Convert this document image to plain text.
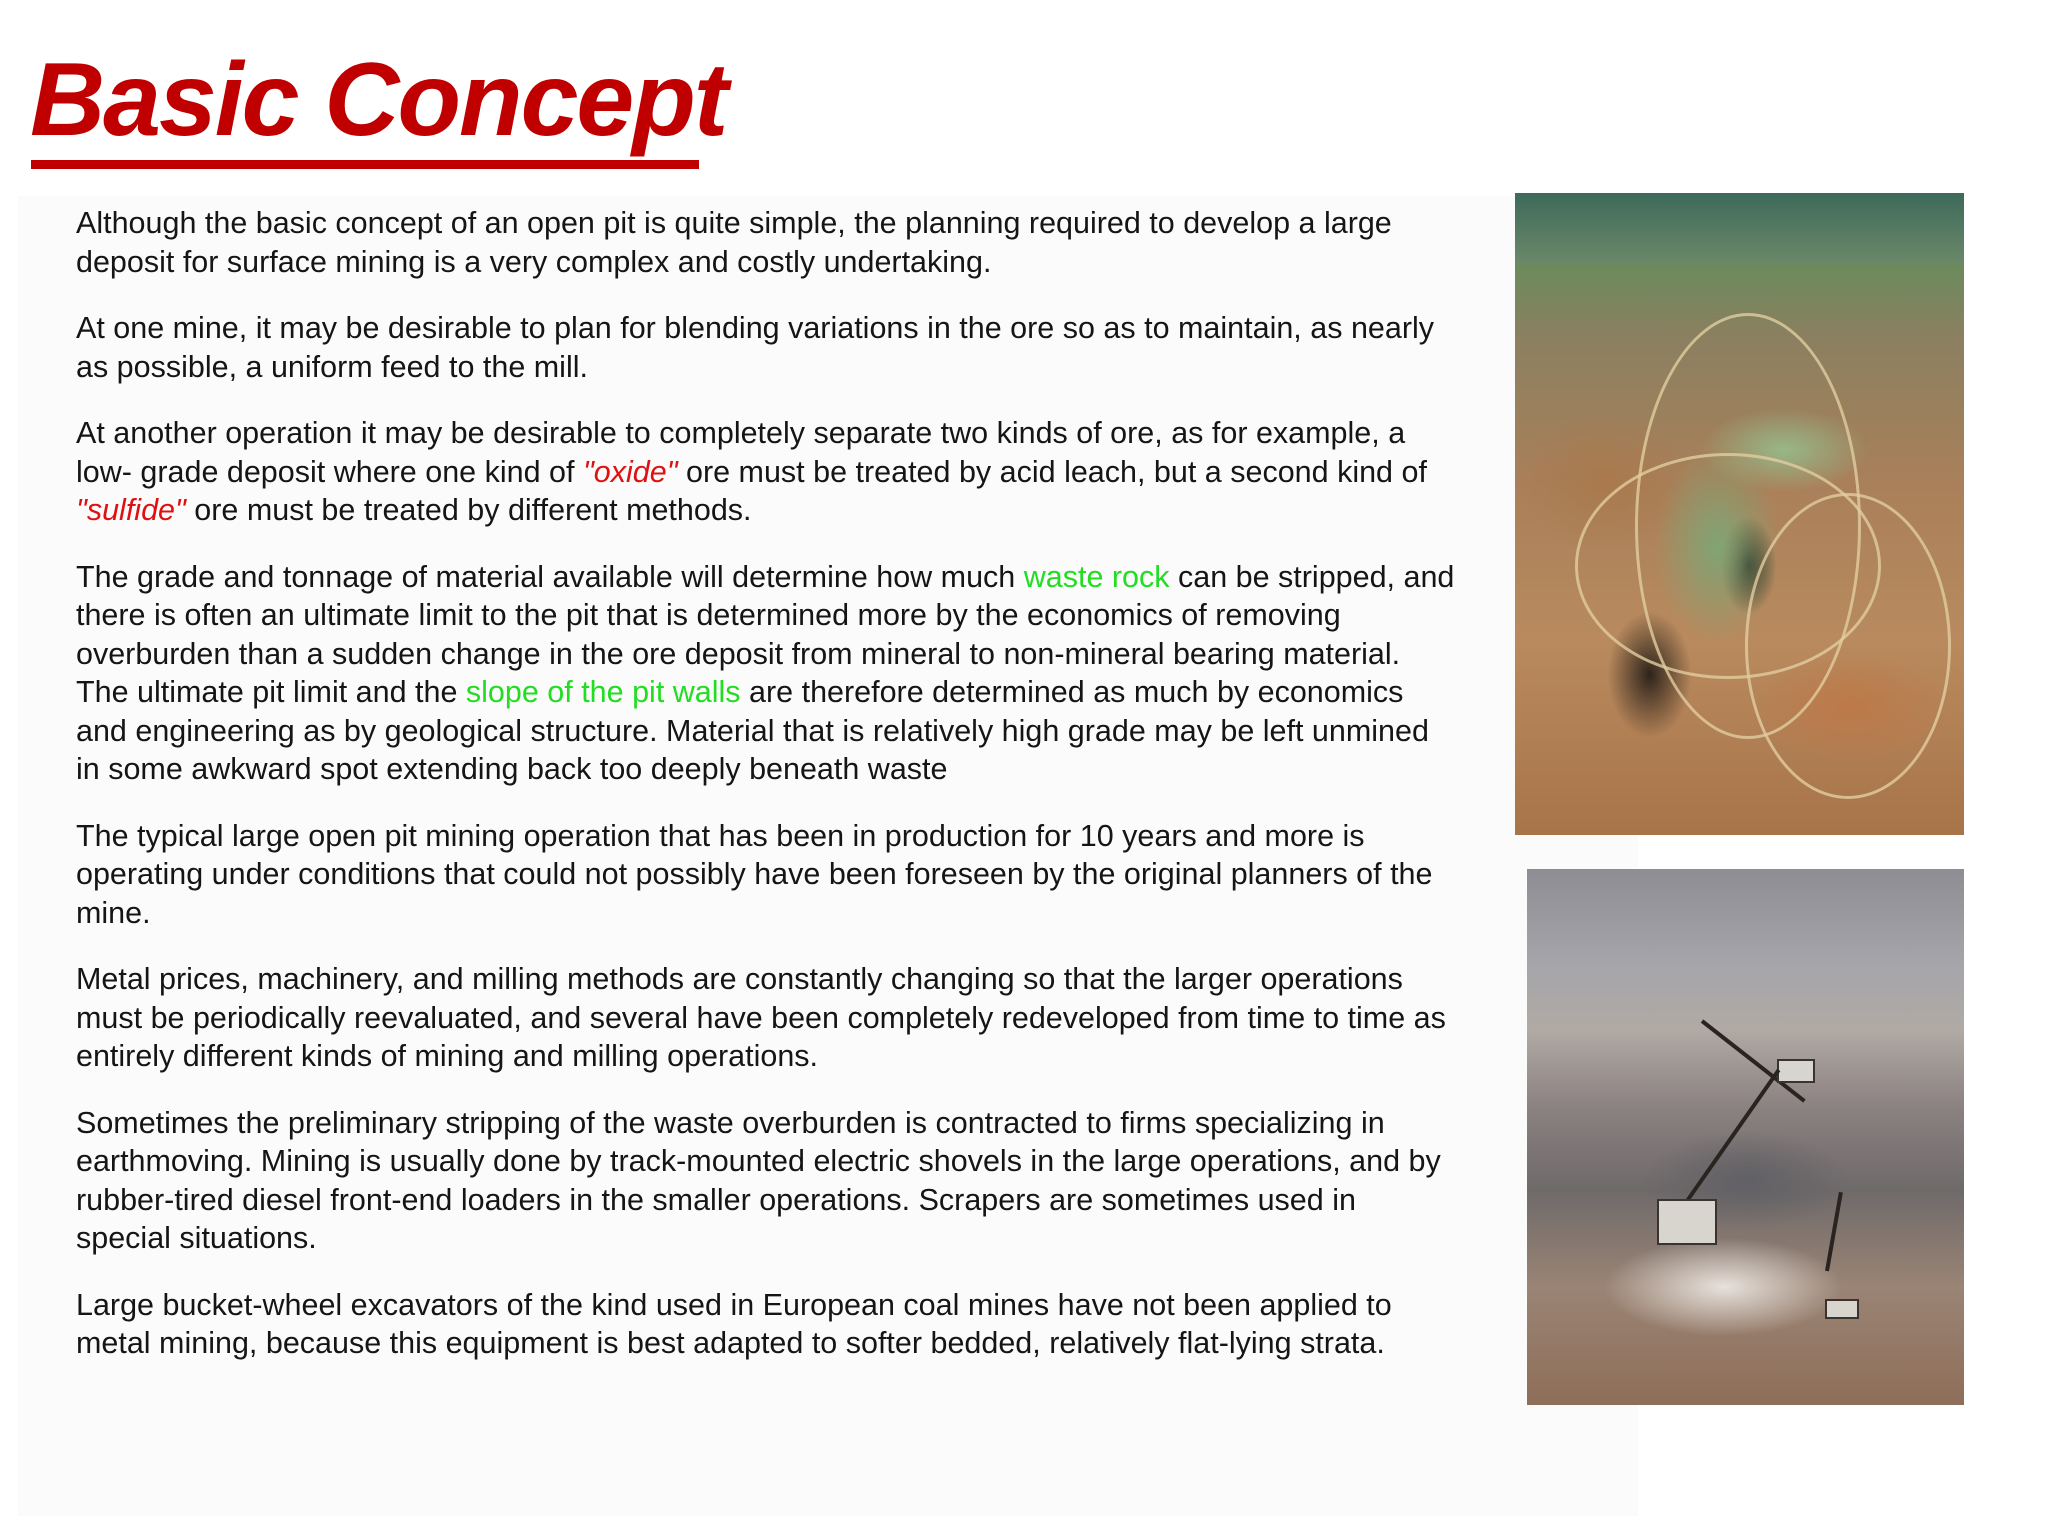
Basic Concept

Although the basic concept of an open pit is quite simple, the planning required to develop a large deposit for surface mining is a very complex and costly undertaking.

At one mine, it may be desirable to plan for blending variations in the ore so as to maintain, as nearly as possible, a uniform feed to the mill.

At another operation it may be desirable to completely separate two kinds of ore, as for example, a low- grade deposit where one kind of "oxide" ore must be treated by acid leach, but a second kind of "sulfide" ore must be treated by different methods.

The grade and tonnage of material available will determine how much waste rock can be stripped, and there is often an ultimate limit to the pit that is determined more by the economics of removing overburden than a sudden change in the ore deposit from mineral to non-mineral bearing material. The ultimate pit limit and the slope of the pit walls are therefore determined as much by economics and engineering as by geological structure. Material that is relatively high grade may be left unmined in some awkward spot extending back too deeply beneath waste

The typical large open pit mining operation that has been in production for 10 years and more is operating under conditions that could not possibly have been foreseen by the original planners of the mine.

Metal prices, machinery, and milling methods are constantly changing so that the larger operations must be periodically reevaluated, and several have been completely redeveloped from time to time as entirely different kinds of mining and milling operations.

Sometimes the preliminary stripping of the waste overburden is contracted to firms specializing in earthmoving. Mining is usually done by track-mounted electric shovels in the large operations, and by rubber-tired diesel front-end loaders in the smaller operations. Scrapers are sometimes used in special situations.

Large bucket-wheel excavators of the kind used in European coal mines have not been applied to metal mining, because this equipment is best adapted to softer bedded, relatively flat-lying strata.
